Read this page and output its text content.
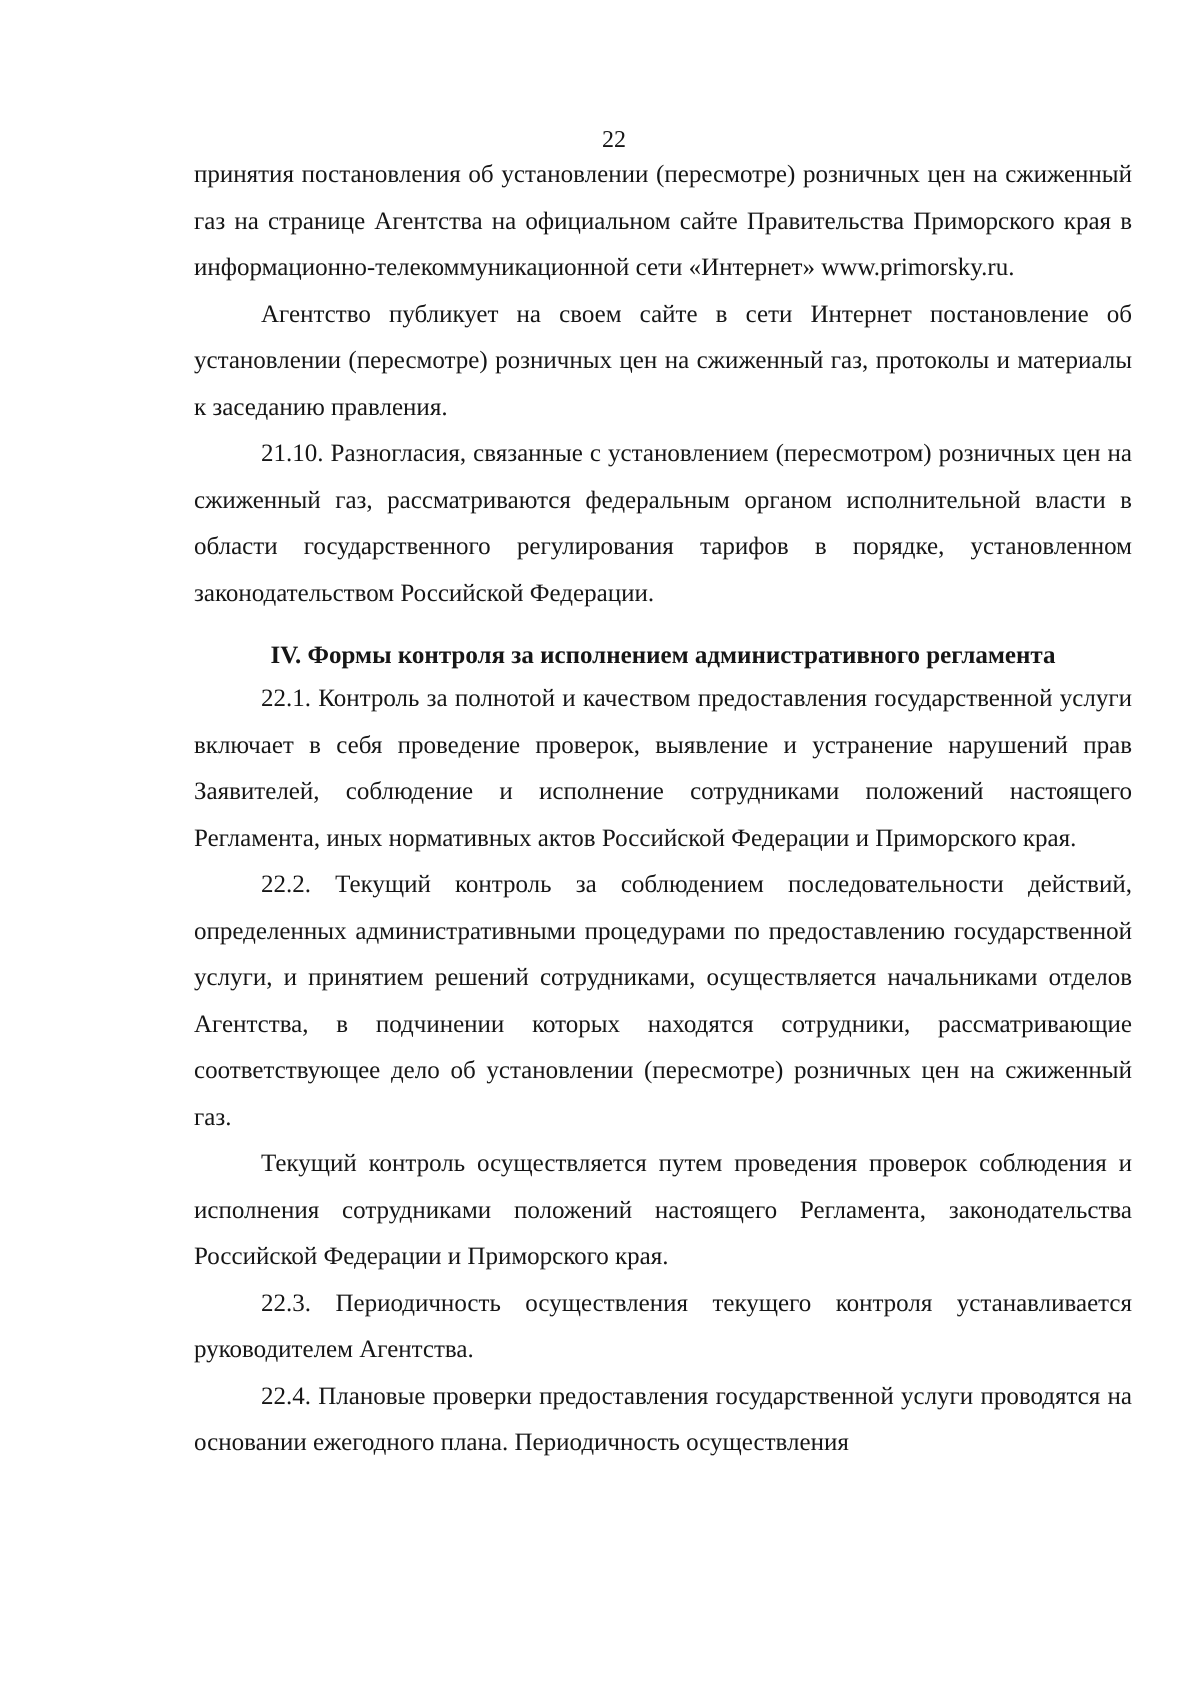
22

принятия постановления об установлении (пересмотре) розничных цен на сжиженный газ на странице Агентства на официальном сайте Правительства Приморского края в информационно-телекоммуникационной сети «Интернет» www.primorsky.ru.

Агентство публикует на своем сайте в сети Интернет постановление об установлении (пересмотре) розничных цен на сжиженный газ, протоколы и материалы к заседанию правления.

21.10. Разногласия, связанные с установлением (пересмотром) розничных цен на сжиженный газ, рассматриваются федеральным органом исполнительной власти в области государственного регулирования тарифов в порядке, установленном законодательством Российской Федерации.

IV. Формы контроля за исполнением административного регламента

22.1. Контроль за полнотой и качеством предоставления государственной услуги включает в себя проведение проверок, выявление и устранение нарушений прав Заявителей, соблюдение и исполнение сотрудниками положений настоящего Регламента, иных нормативных актов Российской Федерации и Приморского края.

22.2. Текущий контроль за соблюдением последовательности действий, определенных административными процедурами по предоставлению государственной услуги, и принятием решений сотрудниками, осуществляется начальниками отделов Агентства, в подчинении которых находятся сотрудники, рассматривающие соответствующее дело об установлении (пересмотре) розничных цен на сжиженный газ.

Текущий контроль осуществляется путем проведения проверок соблюдения и исполнения сотрудниками положений настоящего Регламента, законодательства Российской Федерации и Приморского края.

22.3. Периодичность осуществления текущего контроля устанавливается руководителем Агентства.

22.4. Плановые проверки предоставления государственной услуги проводятся на основании ежегодного плана. Периодичность осуществления
